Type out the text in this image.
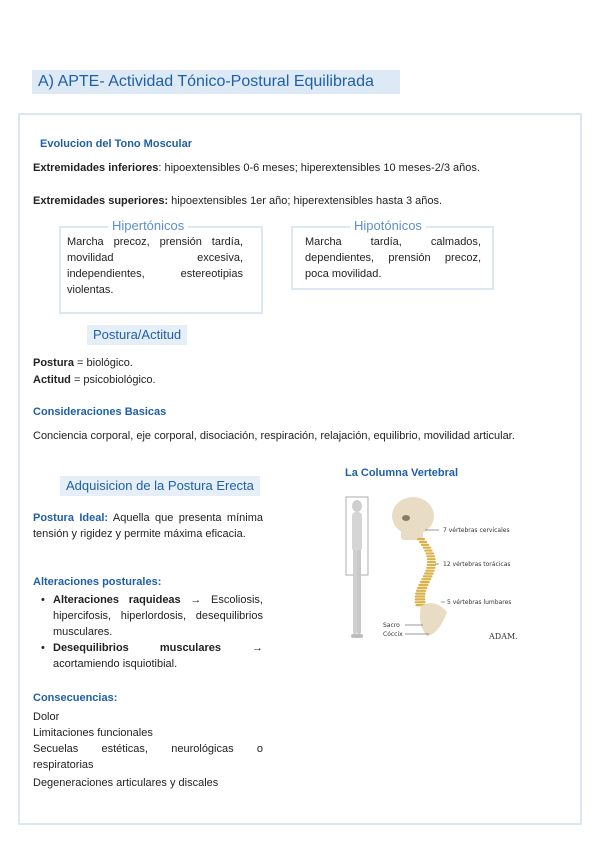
A) APTE- Actividad Tónico-Postural Equilibrada
Evolucion del Tono Moscular
Extremidades inferiores: hipoextensibles 0-6 meses; hiperextensibles 10 meses-2/3 años.
Extremidades superiores: hipoextensibles 1er año; hiperextensibles hasta 3 años.
Marcha precoz, prensión tardía, movilidad excesiva, independientes, estereotipias violentas.
Hipertónicos
Marcha tardía, calmados, dependientes, prensión precoz, poca movilidad.
Hipotónicos
Postura/Actitud
Postura = biológico.
Actitud = psicobiológico.
Consideraciones Basicas
Conciencia corporal, eje corporal, disociación, respiración, relajación, equilibrio, movilidad articular.
Adquisicion de la Postura Erecta
Postura Ideal: Aquella que presenta mínima tensión y rigidez y permite máxima eficacia.
Alteraciones posturales:
• Alteraciones raquideas → Escoliosis, hipercifosis, hiperlordosis, desequilibrios musculares.
• Desequilibrios musculares → acortamiendo isquiotibial.
Consecuencias:
Dolor
Limitaciones funcionales
Secuelas estéticas, neurológicas o respiratorias
Degeneraciones articulares y discales
La Columna Vertebral
7 vértebras cervicales
12 vértebras torácicas
5 vértebras lumbares
Sacro
Cóccix	ADAM.
